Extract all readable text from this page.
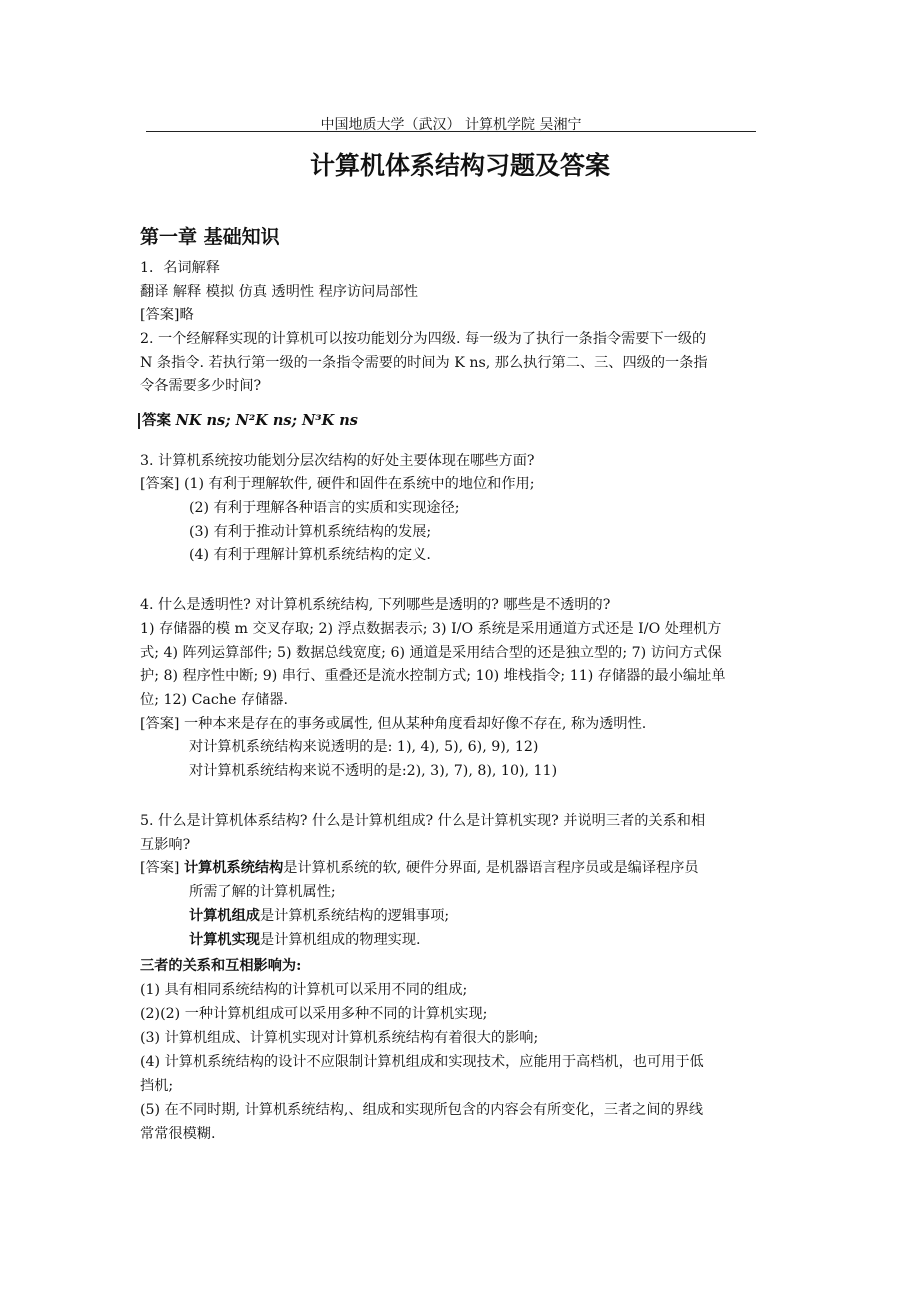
中国地质大学（武汉） 计算机学院 吴湘宁
计算机体系结构习题及答案
第一章 基础知识
1．名词解释
翻译 解释 模拟 仿真 透明性 程序访问局部性
[答案]略
2. 一个经解释实现的计算机可以按功能划分为四级. 每一级为了执行一条指令需要下一级的
N 条指令. 若执行第一级的一条指令需要的时间为 K ns, 那么执行第二、三、四级的一条指
令各需要多少时间?
答案 NK ns; N²K ns; N³K ns
3. 计算机系统按功能划分层次结构的好处主要体现在哪些方面?
[答案] (1) 有利于理解软件, 硬件和固件在系统中的地位和作用;
(2) 有利于理解各种语言的实质和实现途径;
(3) 有利于推动计算机系统结构的发展;
(4) 有利于理解计算机系统结构的定义.
4. 什么是透明性? 对计算机系统结构, 下列哪些是透明的? 哪些是不透明的?
1) 存储器的模 m 交叉存取; 2) 浮点数据表示; 3) I/O 系统是采用通道方式还是 I/O 处理机方
式; 4) 阵列运算部件; 5) 数据总线宽度; 6) 通道是采用结合型的还是独立型的; 7) 访问方式保
护; 8) 程序性中断; 9) 串行、重叠还是流水控制方式; 10) 堆栈指令; 11) 存储器的最小编址单
位; 12) Cache 存储器.
[答案] 一种本来是存在的事务或属性, 但从某种角度看却好像不存在, 称为透明性.
对计算机系统结构来说透明的是: 1), 4), 5), 6), 9), 12)
对计算机系统结构来说不透明的是:2), 3), 7), 8), 10), 11)
5. 什么是计算机体系结构? 什么是计算机组成? 什么是计算机实现? 并说明三者的关系和相
互影响?
[答案] 计算机系统结构是计算机系统的软, 硬件分界面, 是机器语言程序员或是编译程序员
所需了解的计算机属性;
计算机组成是计算机系统结构的逻辑事项;
计算机实现是计算机组成的物理实现.
三者的关系和互相影响为:
(1) 具有相同系统结构的计算机可以采用不同的组成;
(2)(2) 一种计算机组成可以采用多种不同的计算机实现;
(3) 计算机组成、计算机实现对计算机系统结构有着很大的影响;
(4) 计算机系统结构的设计不应限制计算机组成和实现技术，应能用于高档机，也可用于低
挡机;
(5) 在不同时期, 计算机系统结构,、组成和实现所包含的内容会有所变化，三者之间的界线
常常很模糊.
